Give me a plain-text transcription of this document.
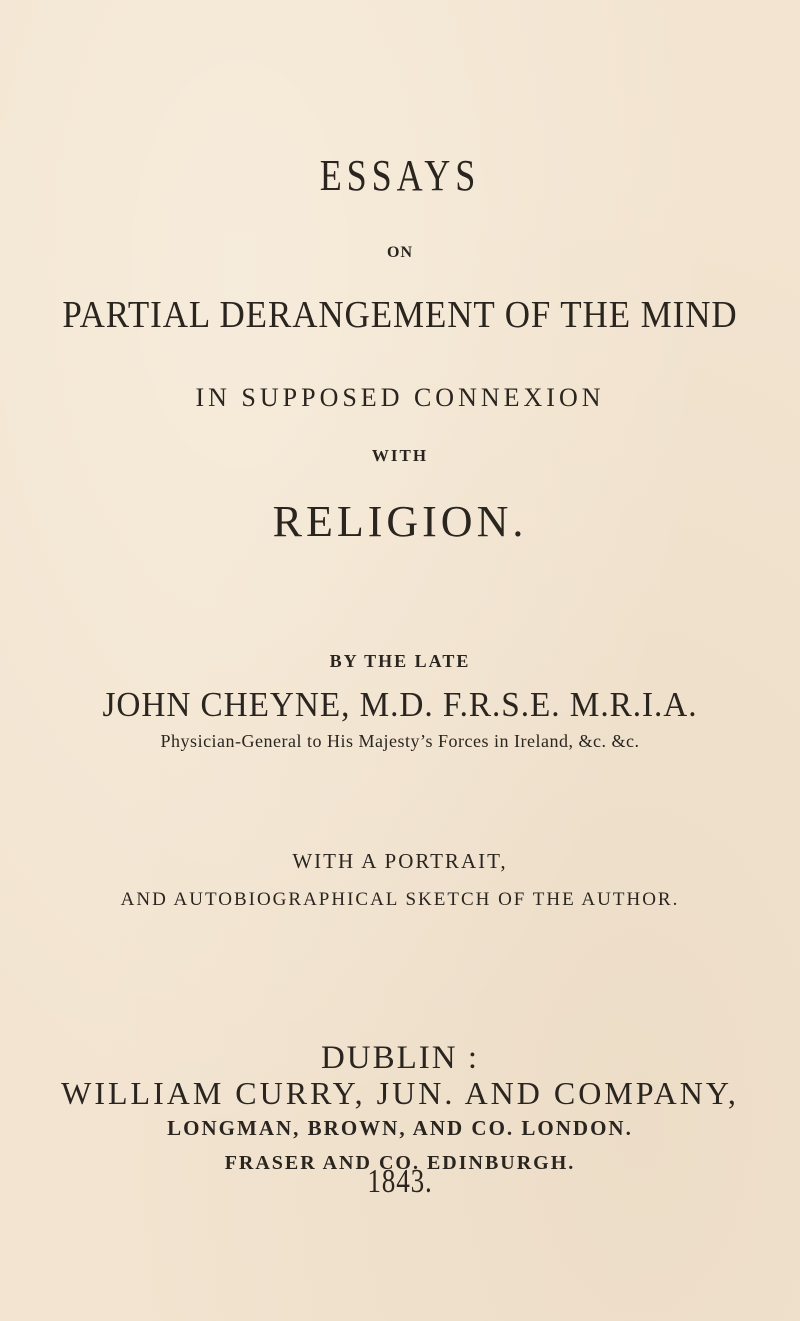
ESSAYS
ON
PARTIAL DERANGEMENT OF THE MIND
IN SUPPOSED CONNEXION
WITH
RELIGION.
BY THE LATE
JOHN CHEYNE, M.D. F.R.S.E. M.R.I.A.
Physician-General to His Majesty’s Forces in Ireland, &c. &c.
WITH A PORTRAIT,
AND AUTOBIOGRAPHICAL SKETCH OF THE AUTHOR.
DUBLIN :
WILLIAM CURRY, JUN. AND COMPANY,
LONGMAN, BROWN, AND CO. LONDON.
FRASER AND CO. EDINBURGH.
1843.
